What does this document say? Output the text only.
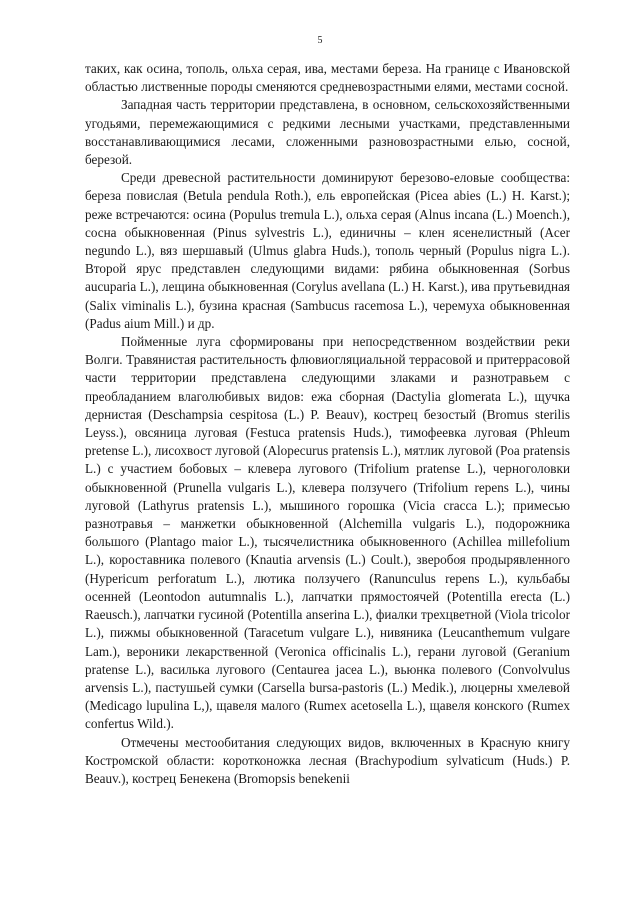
5

таких, как осина, тополь, ольха серая, ива, местами береза. На границе с Ивановской областью лиственные породы сменяются средневозрастными елями, местами сосной.

Западная часть территории представлена, в основном, сельскохозяйственными угодьями, перемежающимися с редкими лесными участками, представленными восстанавливающимися лесами, сложенными разновозрастными елью, сосной, березой.

Среди древесной растительности доминируют березово-еловые сообщества: береза повислая (Betula pendula Roth.), ель европейская (Picea abies (L.) H. Karst.); реже встречаются: осина (Populus tremula L.), ольха серая (Alnus incana (L.) Moench.), сосна обыкновенная (Pinus sylvestris L.), единичны – клен ясенелистный (Acer negundo L.), вяз шершавый (Ulmus glabra Huds.), тополь черный (Populus nigra L.). Второй ярус представлен следующими видами: рябина обыкновенная (Sorbus aucuparia L.), лещина обыкновенная (Corylus avellana (L.) H. Karst.), ива прутьевидная (Salix viminalis L.), бузина красная (Sambucus racemosa L.), черемуха обыкновенная (Padus aium Mill.) и др.

Пойменные луга сформированы при непосредственном воздействии реки Волги. Травянистая растительность флювиогляциальной террасовой и притеррасовой части территории представлена следующими злаками и разнотравьем с преобладанием влаголюбивых видов: ежа сборная (Dactylia glomerata L.), щучка дернистая (Deschampsia cespitosa (L.) P. Beauv), кострец безостый (Bromus sterilis Leyss.), овсяница луговая (Festuca pratensis Huds.), тимофеевка луговая (Phleum pretense L.), лисохвост луговой (Alopecurus pratensis L.), мятлик луговой (Poa pratensis L.) с участием бобовых – клевера лугового (Trifolium pratense L.), черноголовки обыкновенной (Prunella vulgaris L.), клевера ползучего (Trifolium repens L.), чины луговой (Lathyrus pratensis L.), мышиного горошка (Vicia cracca L.); примесью разнотравья – манжетки обыкновенной (Alchemilla vulgaris L.), подорожника большого (Plantago maior L.), тысячелистника обыкновенного (Achillea millefolium L.), короставника полевого (Knautia arvensis (L.) Coult.), зверобоя продырявленного (Hypericum perforatum L.), лютика ползучего (Ranunculus repens L.), кульбабы осенней (Leontodon autumnalis L.), лапчатки прямостоячей (Potentilla erecta (L.) Raeusch.), лапчатки гусиной (Potentilla anserina L.), фиалки трехцветной (Viola tricolor L.), пижмы обыкновенной (Taracetum vulgare L.), нивяника (Leucanthemum vulgare Lam.), вероники лекарственной (Veronica officinalis L.), герани луговой (Geranium pratense L.), василька лугового (Centaurea jacea L.), вьюнка полевого (Convolvulus arvensis L.), пастушьей сумки (Carsella bursa-pastoris (L.) Medik.), люцерны хмелевой (Medicago lupulina L,), щавеля малого (Rumex acetosella L.), щавеля конского (Rumex confertus Wild.).

Отмечены местообитания следующих видов, включенных в Красную книгу Костромской области: коротконожка лесная (Brachypodium sylvaticum (Huds.) P. Beauv.), кострец Бенекена (Bromopsis benekenii
